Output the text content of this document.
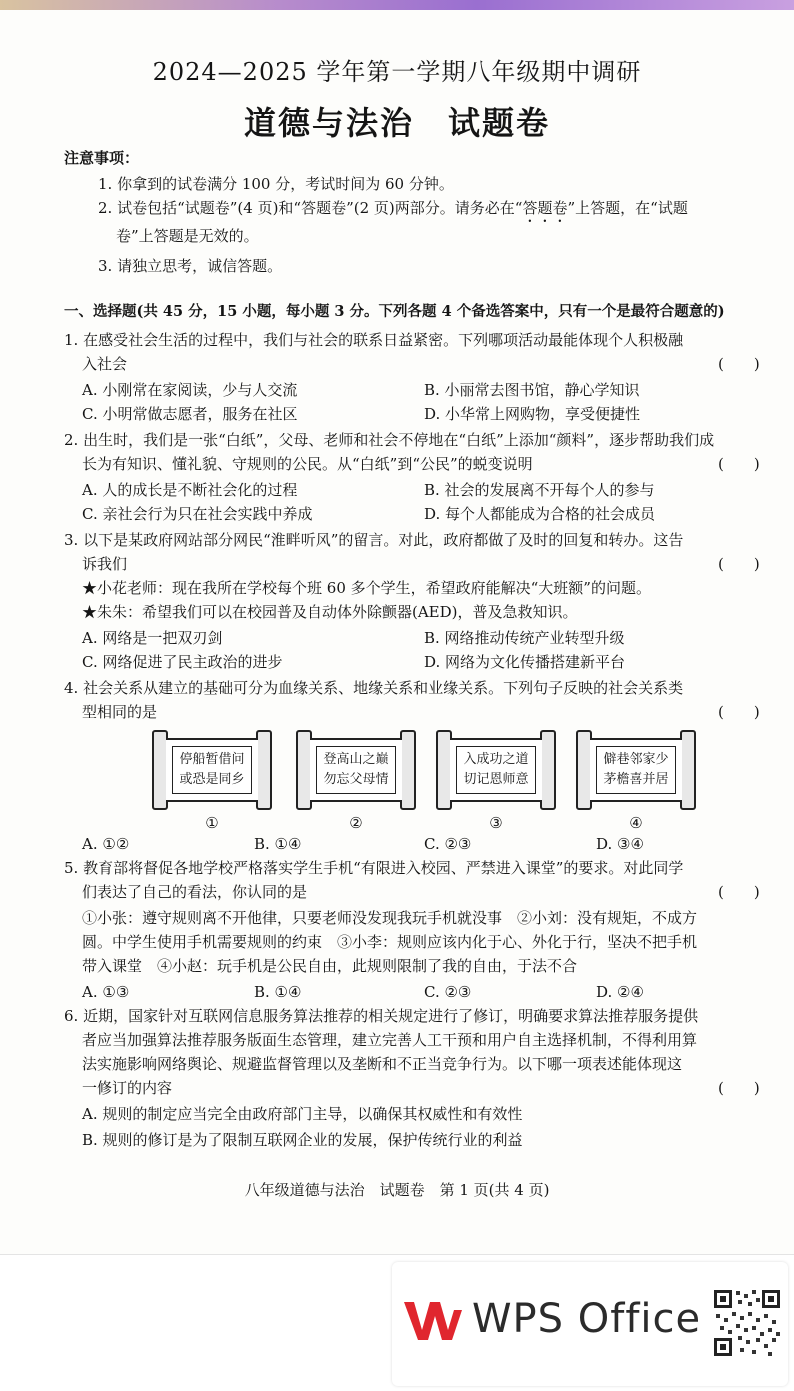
2024—2025 学年第一学期八年级期中调研
道德与法治　试题卷
注意事项：
1. 你拿到的试卷满分 100 分，考试时间为 60 分钟。
2. 试卷包括“试题卷”(4 页)和“答题卷”(2 页)两部分。请务必在“答题卷”上答题，在“试题
卷”上答题是无效的。
3. 请独立思考，诚信答题。
一、选择题(共 45 分，15 小题，每小题 3 分。下列各题 4 个备选答案中，只有一个是最符合题意的)
1. 在感受社会生活的过程中，我们与社会的联系日益紧密。下列哪项活动最能体现个人积极融
入社会	(　　)
A. 小刚常在家阅读，少与人交流	B. 小丽常去图书馆，静心学知识
C. 小明常做志愿者，服务在社区	D. 小华常上网购物，享受便捷性
2. 出生时，我们是一张“白纸”，父母、老师和社会不停地在“白纸”上添加“颜料”，逐步帮助我们成
长为有知识、懂礼貌、守规则的公民。从“白纸”到“公民”的蜕变说明	(　　)
A. 人的成长是不断社会化的过程	B. 社会的发展离不开每个人的参与
C. 亲社会行为只在社会实践中养成	D. 每个人都能成为合格的社会成员
3. 以下是某政府网站部分网民“淮畔听风”的留言。对此，政府都做了及时的回复和转办。这告
诉我们	(　　)
★小花老师：现在我所在学校每个班 60 多个学生，希望政府能解决“大班额”的问题。
★朱朱：希望我们可以在校园普及自动体外除颤器(AED)，普及急救知识。
A. 网络是一把双刃剑	B. 网络推动传统产业转型升级
C. 网络促进了民主政治的进步	D. 网络为文化传播搭建新平台
4. 社会关系从建立的基础可分为血缘关系、地缘关系和业缘关系。下列句子反映的社会关系类
型相同的是	(　　)
停船暂借问
或恐是同乡
①
登高山之巅
勿忘父母情
②
入成功之道
切记恩师意
③
僻巷邻家少
茅檐喜并居
④
A. ①②	B. ①④	C. ②③	D. ③④
5. 教育部将督促各地学校严格落实学生手机“有限进入校园、严禁进入课堂”的要求。对此同学
们表达了自己的看法，你认同的是	(　　)
①小张：遵守规则离不开他律，只要老师没发现我玩手机就没事　②小刘：没有规矩，不成方
圆。中学生使用手机需要规则的约束　③小李：规则应该内化于心、外化于行，坚决不把手机
带入课堂　④小赵：玩手机是公民自由，此规则限制了我的自由，于法不合
A. ①③	B. ①④	C. ②③	D. ②④
6. 近期，国家针对互联网信息服务算法推荐的相关规定进行了修订，明确要求算法推荐服务提供
者应当加强算法推荐服务版面生态管理，建立完善人工干预和用户自主选择机制，不得利用算
法实施影响网络舆论、规避监督管理以及垄断和不正当竞争行为。以下哪一项表述能体现这
一修订的内容	(　　)
A. 规则的制定应当完全由政府部门主导，以确保其权威性和有效性
B. 规则的修订是为了限制互联网企业的发展，保护传统行业的利益
八年级道德与法治　试题卷　第 1 页(共 4 页)
WPS Office
